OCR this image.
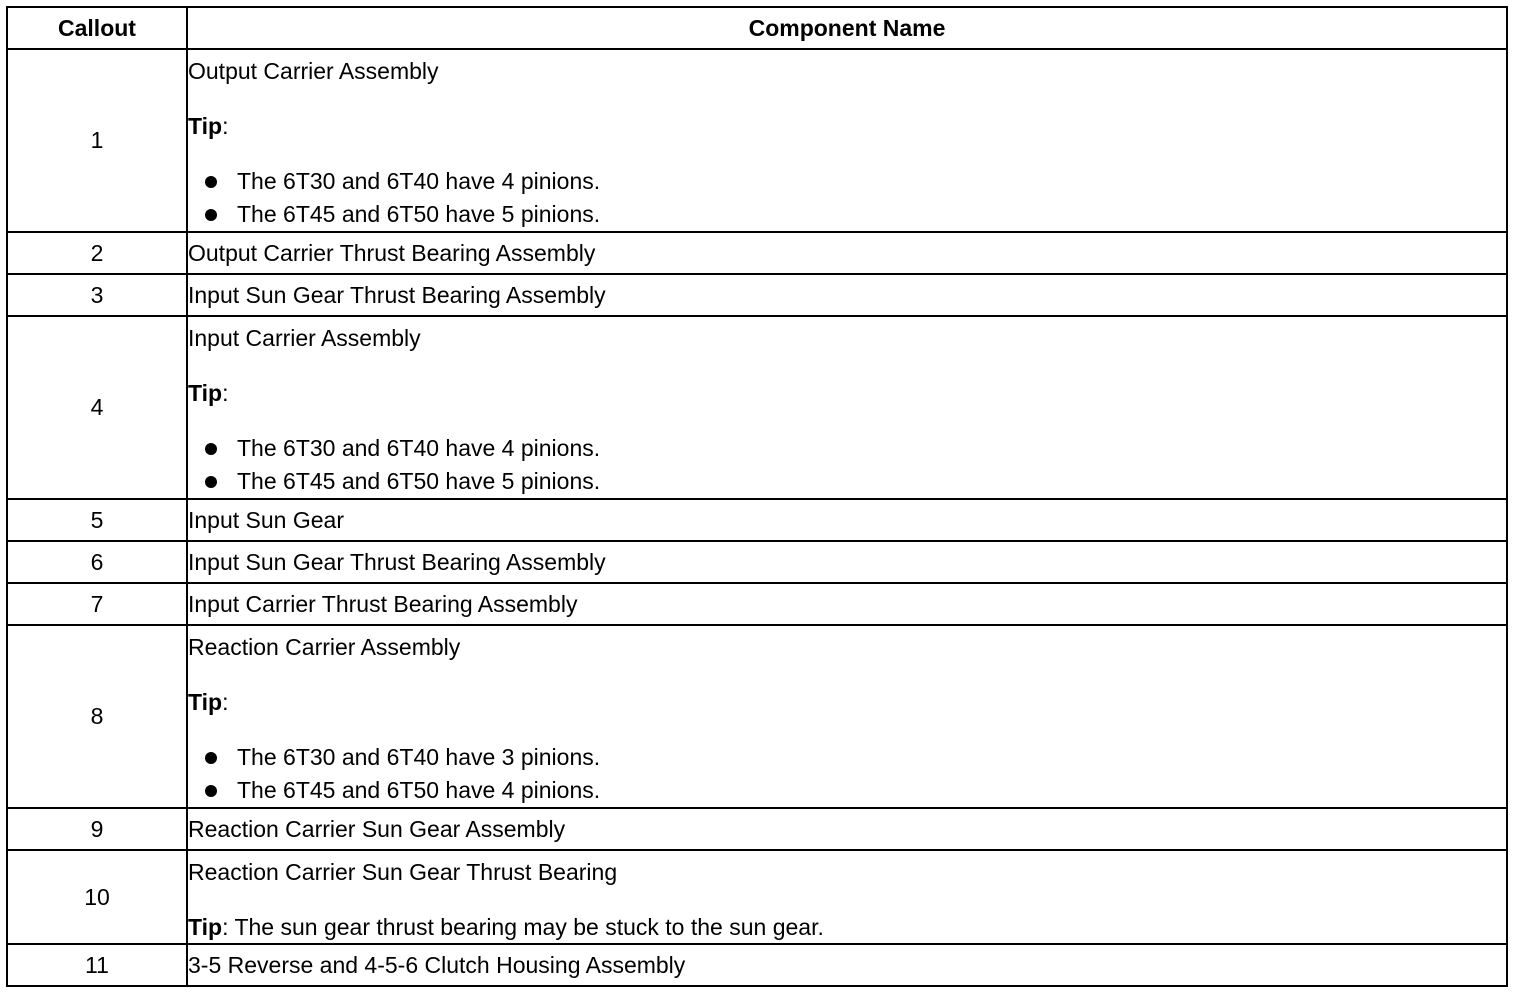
Callout	Component Name
1	Output Carrier Assembly
Tip:
The 6T30 and 6T40 have 4 pinions.
The 6T45 and 6T50 have 5 pinions.

2	Output Carrier Thrust Bearing Assembly
3	Input Sun Gear Thrust Bearing Assembly
4	Input Carrier Assembly
Tip:
The 6T30 and 6T40 have 4 pinions.
The 6T45 and 6T50 have 5 pinions.

5	Input Sun Gear
6	Input Sun Gear Thrust Bearing Assembly
7	Input Carrier Thrust Bearing Assembly
8	Reaction Carrier Assembly
Tip:
The 6T30 and 6T40 have 3 pinions.
The 6T45 and 6T50 have 4 pinions.

9	Reaction Carrier Sun Gear Assembly
10	Reaction Carrier Sun Gear Thrust Bearing
Tip: The sun gear thrust bearing may be stuck to the sun gear.

11	3-5 Reverse and 4-5-6 Clutch Housing Assembly
